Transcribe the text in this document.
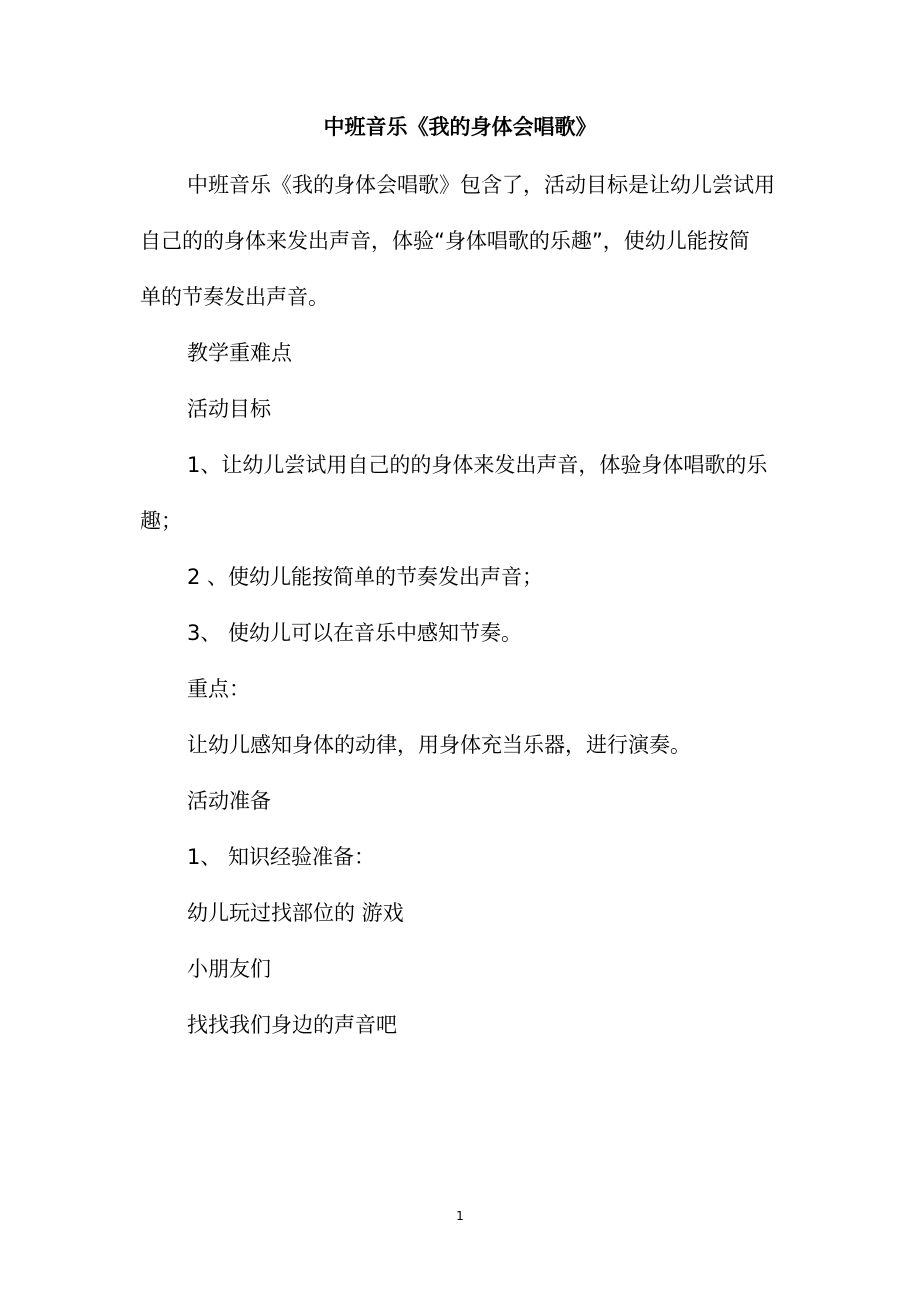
中班音乐《我的身体会唱歌》
中班音乐《我的身体会唱歌》包含了，活动目标是让幼儿尝试用
自己的的身体来发出声音，体验“身体唱歌的乐趣”，使幼儿能按简
单的节奏发出声音。
教学重难点
活动目标
1、让幼儿尝试用自己的的身体来发出声音，体验身体唱歌的乐
趣；
2 、使幼儿能按简单的节奏发出声音；
3、 使幼儿可以在音乐中感知节奏。
重点：
让幼儿感知身体的动律，用身体充当乐器，进行演奏。
活动准备
1、 知识经验准备：
幼儿玩过找部位的 游戏
小朋友们
找找我们身边的声音吧
1
